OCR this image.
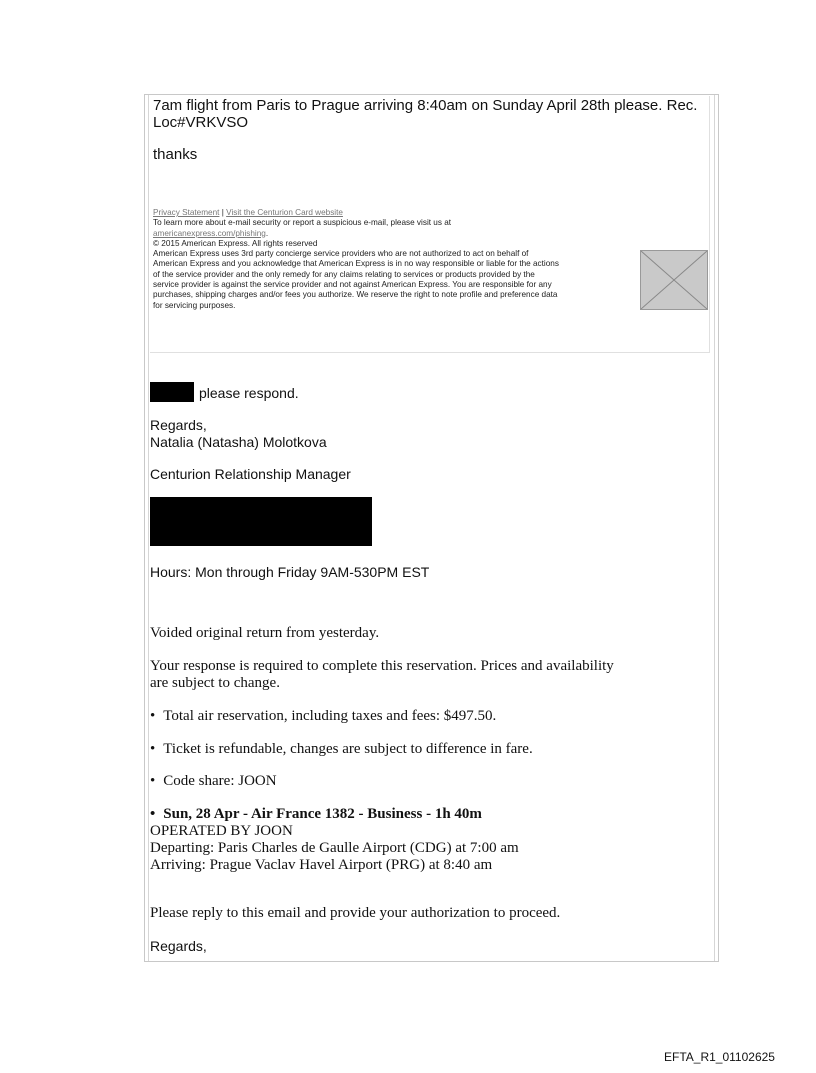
7am flight from Paris to Prague arriving 8:40am on Sunday April 28th please. Rec.
Loc#VRKVSO
thanks
Privacy Statement | Visit the Centurion Card website
To learn more about e-mail security or report a suspicious e-mail, please visit us at
americanexpress.com/phishing.
© 2015 American Express. All rights reserved
American Express uses 3rd party concierge service providers who are not authorized to act on behalf of
American Express and you acknowledge that American Express is in no way responsible or liable for the actions
of the service provider and the only remedy for any claims relating to services or products provided by the
service provider is against the service provider and not against American Express. You are responsible for any
purchases, shipping charges and/or fees you authorize. We reserve the right to note profile and preference data
for servicing purposes.
please respond.
Regards,
Natalia (Natasha) Molotkova
Centurion Relationship Manager
Hours: Mon through Friday 9AM-530PM EST
Voided original return from yesterday.
Your response is required to complete this reservation. Prices and availability
are subject to change.
• Total air reservation, including taxes and fees: $497.50.
• Ticket is refundable, changes are subject to difference in fare.
• Code share: JOON
• Sun, 28 Apr - Air France 1382 - Business - 1h 40m
OPERATED BY JOON
Departing: Paris Charles de Gaulle Airport (CDG) at 7:00 am
Arriving: Prague Vaclav Havel Airport (PRG) at 8:40 am
Please reply to this email and provide your authorization to proceed.
Regards,
EFTA_R1_01102625
